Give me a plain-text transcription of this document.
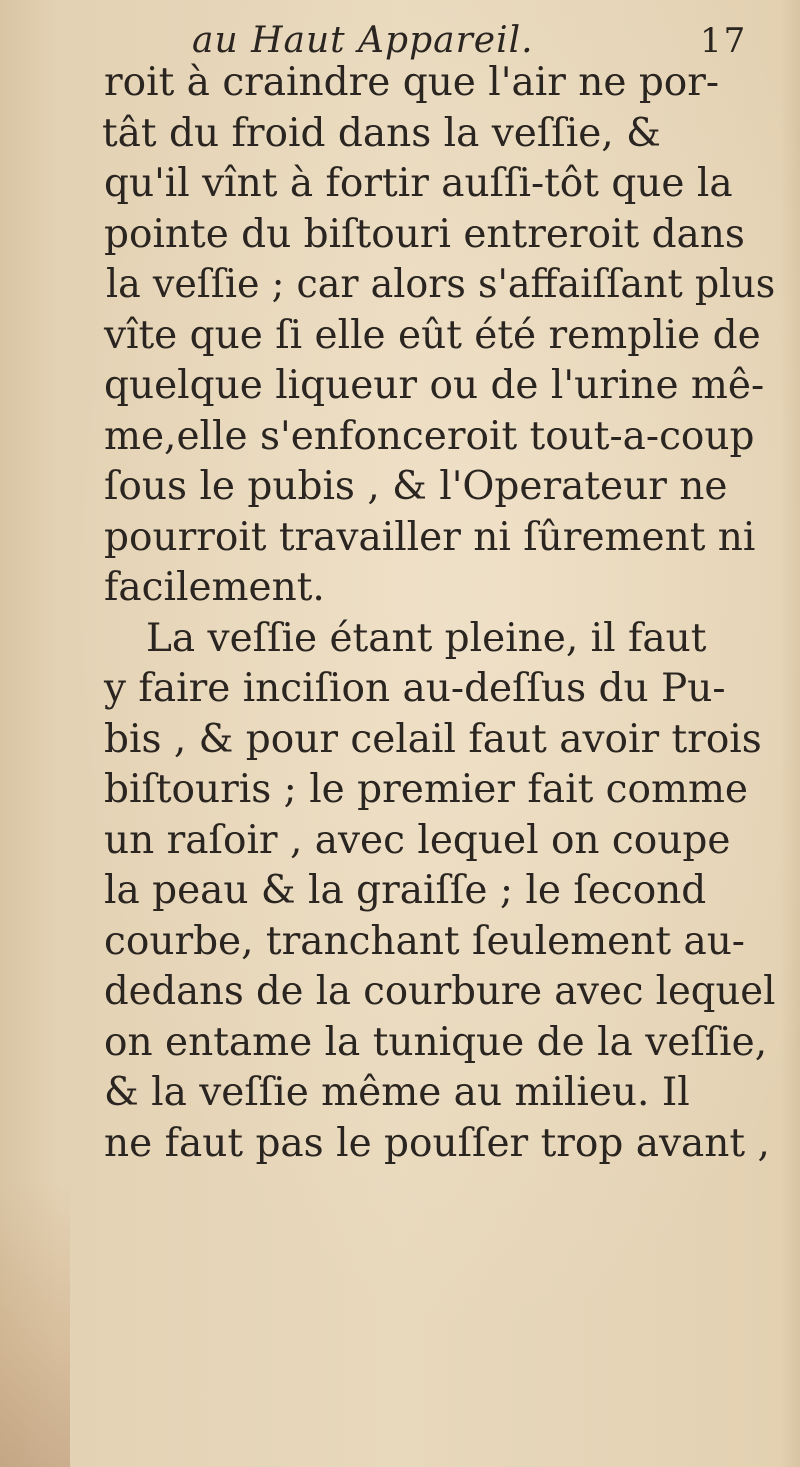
au Haut Appareil.	17
roit à craindre que l'air ne por-
tât du froid dans la veſſie, &
qu'il vînt à fortir auſſi-tôt que la
pointe du biſtouri entreroit dans
la veſſie ; car alors s'affaiſſant plus
vîte que ſi elle eût été remplie de
quelque liqueur ou de l'urine mê-
me,elle s'enfonceroit tout-a-coup
ſous le pubis , & l'Operateur ne
pourroit travailler ni ſûrement ni
facilement.
La veſſie étant pleine, il faut
y faire inciſion au-deſſus du Pu-
bis , & pour celail faut avoir trois
biſtouris ; le premier fait comme
un raſoir , avec lequel on coupe
la peau & la graiſſe ; le ſecond
courbe, tranchant ſeulement au-
dedans de la courbure avec lequel
on entame la tunique de la veſſie,
& la veſſie même au milieu. Il
ne faut pas le pouſſer trop avant ,
